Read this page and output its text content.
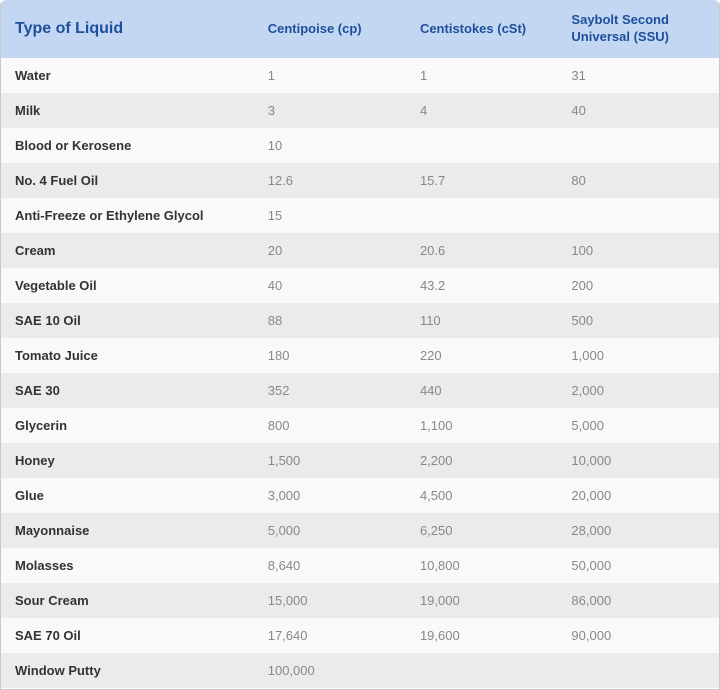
Type of Liquid	Centipoise (cp)	Centistokes (cSt)	Saybolt Second Universal (SSU)
Water	1	1	31
Milk	3	4	40
Blood or Kerosene	10		
No. 4 Fuel Oil	12.6	15.7	80
Anti-Freeze or Ethylene Glycol	15		
Cream	20	20.6	100
Vegetable Oil	40	43.2	200
SAE 10 Oil	88	110	500
Tomato Juice	180	220	1,000
SAE 30	352	440	2,000
Glycerin	800	1,100	5,000
Honey	1,500	2,200	10,000
Glue	3,000	4,500	20,000
Mayonnaise	5,000	6,250	28,000
Molasses	8,640	10,800	50,000
Sour Cream	15,000	19,000	86,000
SAE 70 Oil	17,640	19,600	90,000
Window Putty	100,000		
